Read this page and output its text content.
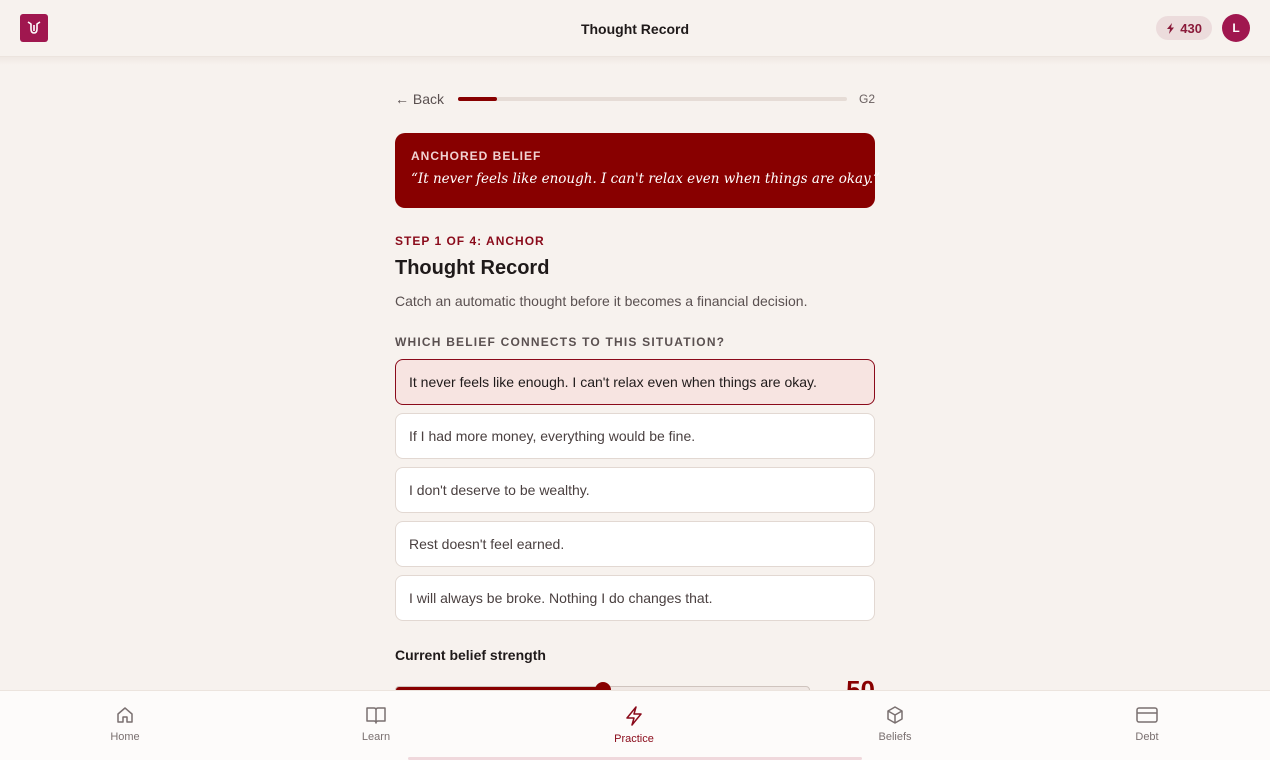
430	L
Thought Record
← Back	G2
ANCHORED BELIEF
“It never feels like enough. I can't relax even when things are okay.”
STEP 1 OF 4: ANCHOR
Thought Record
Catch an automatic thought before it becomes a financial decision.
WHICH BELIEF CONNECTS TO THIS SITUATION?
It never feels like enough. I can't relax even when things are okay.
If I had more money, everything would be fine.
I don't deserve to be wealthy.
Rest doesn't feel earned.
I will always be broke. Nothing I do changes that.
Current belief strength
Home	Learn	Practice	Beliefs	Debt
